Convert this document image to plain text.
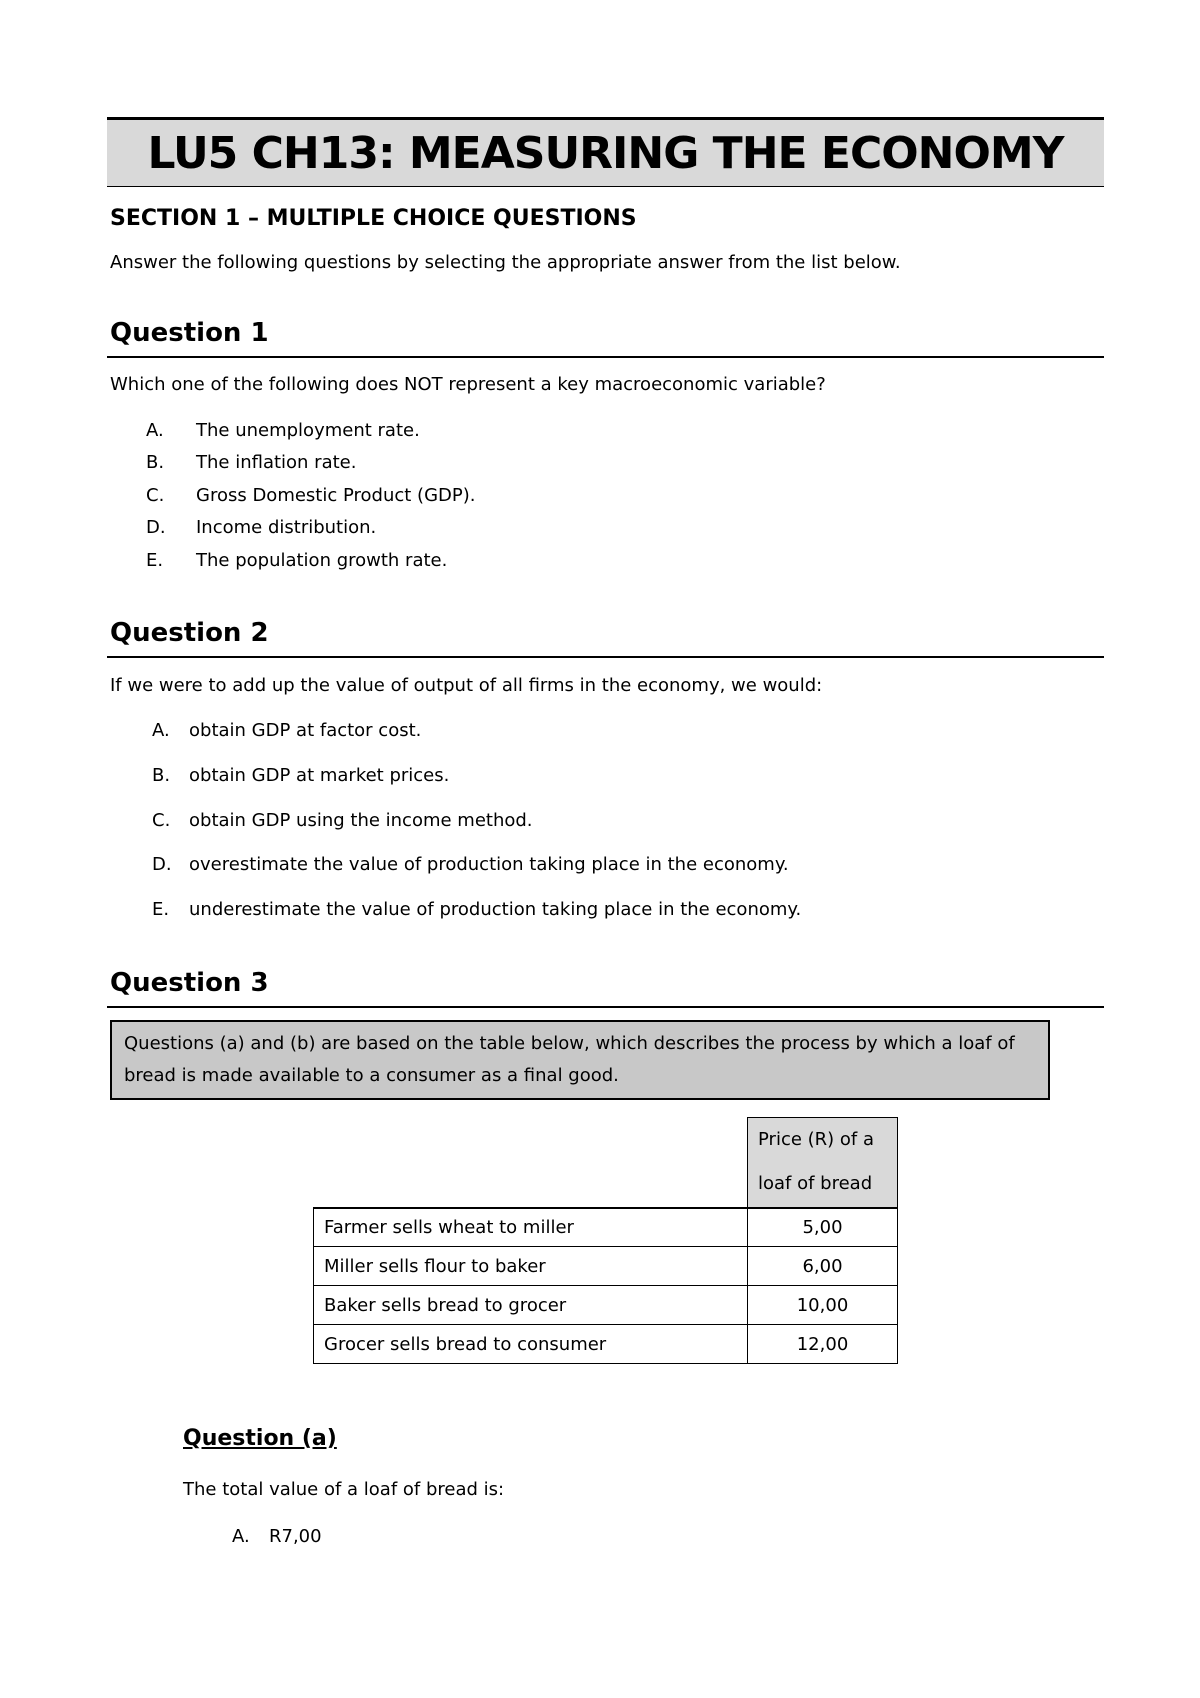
LU5 CH13: MEASURING THE ECONOMY
SECTION 1 – MULTIPLE CHOICE QUESTIONS
Answer the following questions by selecting the appropriate answer from the list below.
Question 1
Which one of the following does NOT represent a key macroeconomic variable?
A. The unemployment rate.
B. The inflation rate.
C. Gross Domestic Product (GDP).
D. Income distribution.
E. The population growth rate.
Question 2
If we were to add up the value of output of all firms in the economy, we would:
A. obtain GDP at factor cost.
B. obtain GDP at market prices.
C. obtain GDP using the income method.
D. overestimate the value of production taking place in the economy.
E. underestimate the value of production taking place in the economy.
Question 3
Questions (a) and (b) are based on the table below, which describes the process by which a loaf of
bread is made available to a consumer as a final good.

	Price (R) of a
loaf of bread

Farmer sells wheat to miller	5,00
Miller sells flour to baker	6,00
Baker sells bread to grocer	10,00
Grocer sells bread to consumer	12,00
Question (a)
The total value of a loaf of bread is:
A. R7,00
